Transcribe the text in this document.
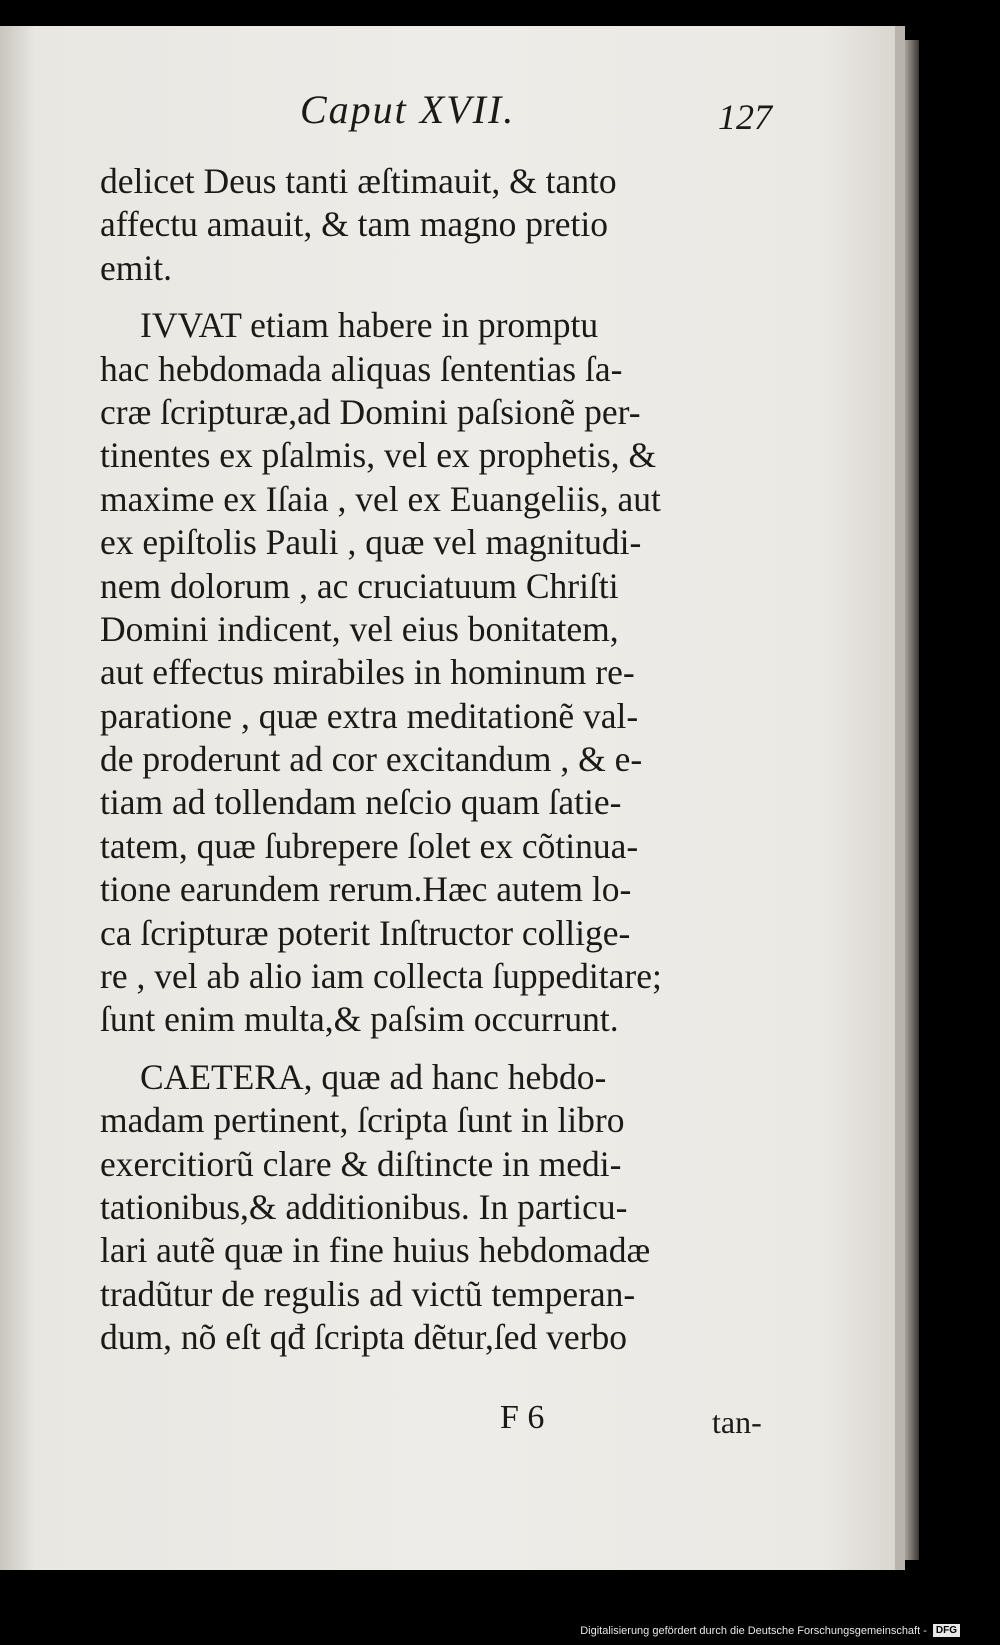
Caput XVII.	127
delicet Deus tanti æſtimauit, & tanto
affectu amauit, & tam magno pretio
emit.
IVVAT etiam habere in promptu
hac hebdomada aliquas ſententias ſa-
cræ ſcripturæ,ad Domini paſsionẽ per-
tinentes ex pſalmis, vel ex prophetis, &
maxime ex Iſaia , vel ex Euangeliis, aut
ex epiſtolis Pauli , quæ vel magnitudi-
nem dolorum , ac cruciatuum Chriſti
Domini indicent, vel eius bonitatem,
aut effectus mirabiles in hominum re-
paratione , quæ extra meditationẽ val-
de proderunt ad cor excitandum , & e-
tiam ad tollendam neſcio quam ſatie-
tatem, quæ ſubrepere ſolet ex cõtinua-
tione earundem rerum.Hæc autem lo-
ca ſcripturæ poterit Inſtructor collige-
re , vel ab alio iam collecta ſuppeditare;
ſunt enim multa,& paſsim occurrunt.
CAETERA, quæ ad hanc hebdo-
madam pertinent, ſcripta ſunt in libro
exercitiorũ clare & diſtincte in medi-
tationibus,& additionibus. In particu-
lari autẽ quæ in fine huius hebdomadæ
tradũtur de regulis ad victũ temperan-
dum, nõ eſt qđ ſcripta dẽtur,ſed verbo
F 6	tan-
Digitalisierung gefördert durch die Deutsche Forschungsgemeinschaft - DFG
